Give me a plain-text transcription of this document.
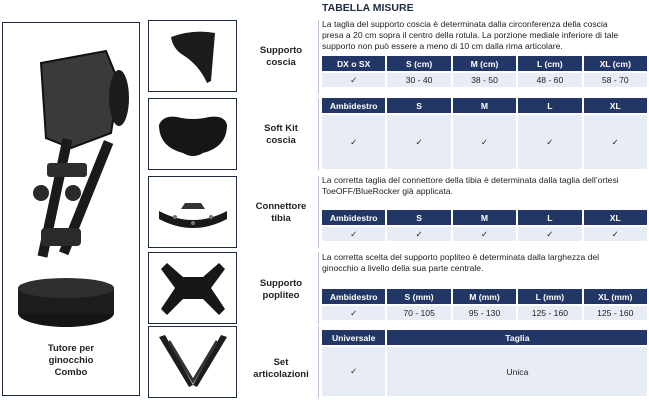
TABELLA MISURE
Tutore per
ginocchio
Combo
Supporto
coscia
Soft Kit
coscia
Connettore
tibia
Supporto
popliteo
Set
articolazioni
La taglia del supporto coscia è determinata dalla circonferenza della coscia
presa a 20 cm sopra il centro della rotula. La porzione mediale inferiore di tale
supporto non può essere a meno di 10 cm dalla rima articolare.
DX o SX	S (cm)	M (cm)	L (cm)	XL (cm)
✓	30 - 40	38 - 50	48 - 60	58 - 70
Ambidestro	S	M	L	XL
✓	✓	✓	✓	✓
La corretta taglia del connettore della tibia è determinata dalla taglia dell’ortesi
ToeOFF/BlueRocker già applicata.
Ambidestro	S	M	L	XL
✓	✓	✓	✓	✓
La corretta scelta del supporto popliteo è determinata dalla larghezza del
ginocchio a livello della sua parte centrale.
Ambidestro	S (mm)	M (mm)	L (mm)	XL (mm)
✓	70 - 105	95 - 130	125 - 160	125 - 160
Universale	Taglia
✓	Unica
